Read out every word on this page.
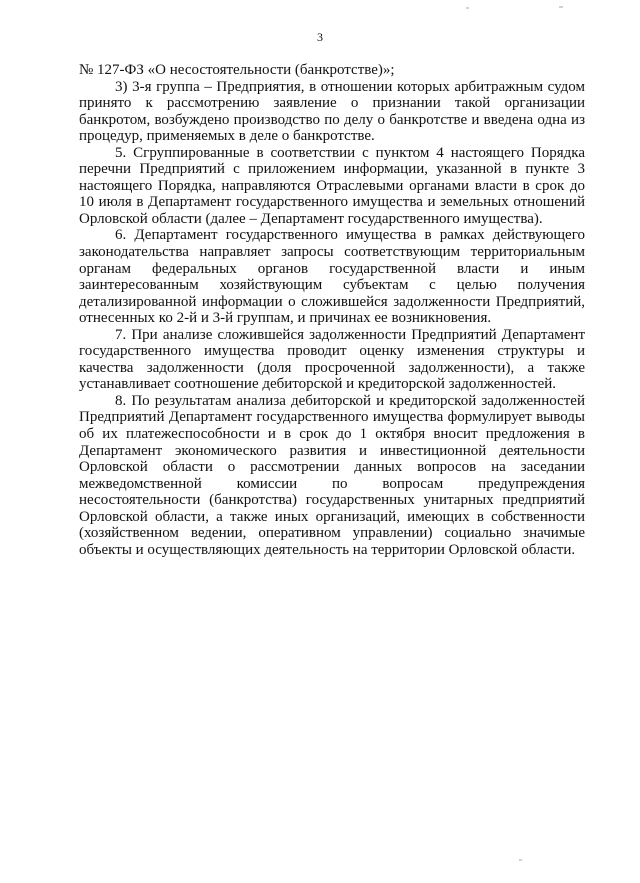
3

№ 127-ФЗ «О несостоятельности (банкротстве)»;

3) 3-я группа – Предприятия, в отношении которых арбитражным судом принято к рассмотрению заявление о признании такой организации банкротом, возбуждено производство по делу о банкротстве и введена одна из процедур, применяемых в деле о банкротстве.

5. Сгруппированные в соответствии с пунктом 4 настоящего Порядка перечни Предприятий с приложением информации, указанной в пункте 3 настоящего Порядка, направляются Отраслевыми органами власти в срок до 10 июля в Департамент государственного имущества и земельных отношений Орловской области (далее – Департамент государственного имущества).

6. Департамент государственного имущества в рамках действующего законодательства направляет запросы соответствующим территориальным органам федеральных органов государственной власти и иным заинтересованным хозяйствующим субъектам с целью получения детализированной информации о сложившейся задолженности Предприятий, отнесенных ко 2-й и 3-й группам, и причинах ее возникновения.

7. При анализе сложившейся задолженности Предприятий Департамент государственного имущества проводит оценку изменения структуры и качества задолженности (доля просроченной задолженности), а также устанавливает соотношение дебиторской и кредиторской задолженностей.

8. По результатам анализа дебиторской и кредиторской задолженностей Предприятий Департамент государственного имущества формулирует выводы об их платежеспособности и в срок до 1 октября вносит предложения в Департамент экономического развития и инвестиционной деятельности Орловской области о рассмотрении данных вопросов на заседании межведомственной комиссии по вопросам предупреждения несостоятельности (банкротства) государственных унитарных предприятий Орловской области, а также иных организаций, имеющих в собственности (хозяйственном ведении, оперативном управлении) социально значимые объекты и осуществляющих деятельность на территории Орловской области.
